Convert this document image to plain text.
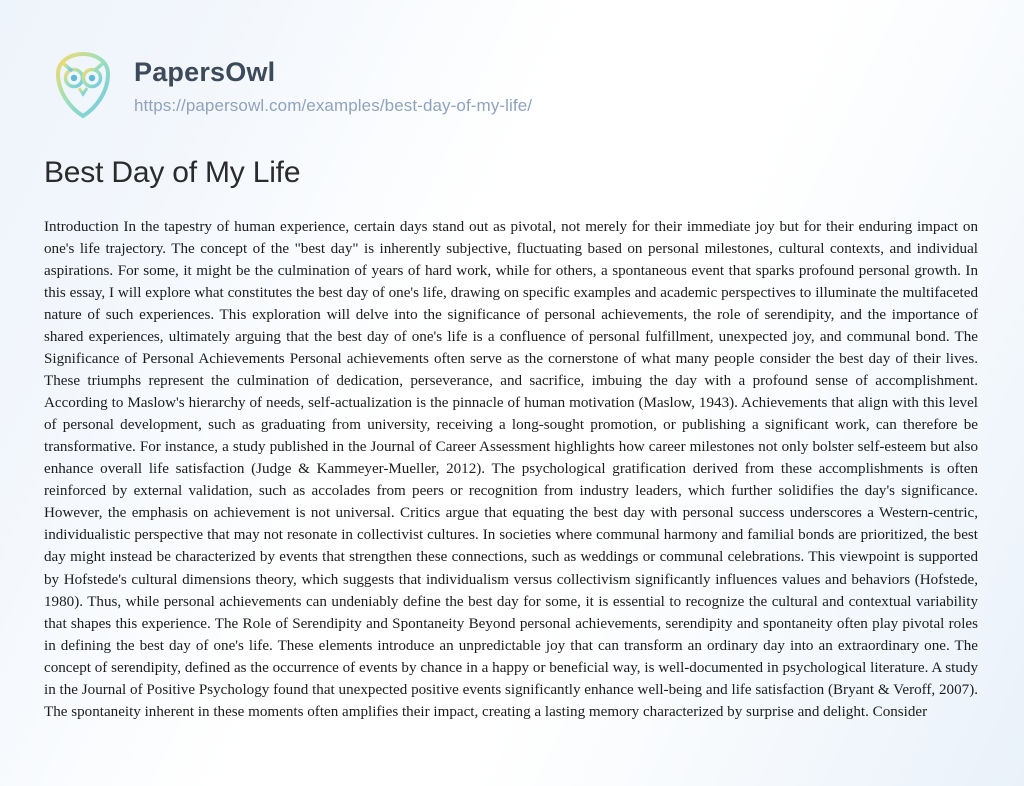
PapersOwl
https://papersowl.com/examples/best-day-of-my-life/
Best Day of My Life

Introduction In the tapestry of human experience, certain days stand out as pivotal, not merely for their immediate joy but for their enduring impact on one's life trajectory. The concept of the "best day" is inherently subjective, fluctuating based on personal milestones, cultural contexts, and individual aspirations. For some, it might be the culmination of years of hard work, while for others, a spontaneous event that sparks profound personal growth. In this essay, I will explore what constitutes the best day of one's life, drawing on specific examples and academic perspectives to illuminate the multifaceted nature of such experiences. This exploration will delve into the significance of personal achievements, the role of serendipity, and the importance of shared experiences, ultimately arguing that the best day of one's life is a confluence of personal fulfillment, unexpected joy, and communal bond. The Significance of Personal Achievements Personal achievements often serve as the cornerstone of what many people consider the best day of their lives. These triumphs represent the culmination of dedication, perseverance, and sacrifice, imbuing the day with a profound sense of accomplishment. According to Maslow's hierarchy of needs, self-actualization is the pinnacle of human motivation (Maslow, 1943). Achievements that align with this level of personal development, such as graduating from university, receiving a long-sought promotion, or publishing a significant work, can therefore be transformative. For instance, a study published in the Journal of Career Assessment highlights how career milestones not only bolster self-esteem but also enhance overall life satisfaction (Judge & Kammeyer-Mueller, 2012). The psychological gratification derived from these accomplishments is often reinforced by external validation, such as accolades from peers or recognition from industry leaders, which further solidifies the day's significance. However, the emphasis on achievement is not universal. Critics argue that equating the best day with personal success underscores a Western-centric, individualistic perspective that may not resonate in collectivist cultures. In societies where communal harmony and familial bonds are prioritized, the best day might instead be characterized by events that strengthen these connections, such as weddings or communal celebrations. This viewpoint is supported by Hofstede's cultural dimensions theory, which suggests that individualism versus collectivism significantly influences values and behaviors (Hofstede, 1980). Thus, while personal achievements can undeniably define the best day for some, it is essential to recognize the cultural and contextual variability that shapes this experience. The Role of Serendipity and Spontaneity Beyond personal achievements, serendipity and spontaneity often play pivotal roles in defining the best day of one's life. These elements introduce an unpredictable joy that can transform an ordinary day into an extraordinary one. The concept of serendipity, defined as the occurrence of events by chance in a happy or beneficial way, is well-documented in psychological literature. A study in the Journal of Positive Psychology found that unexpected positive events significantly enhance well-being and life satisfaction (Bryant & Veroff, 2007). The spontaneity inherent in these moments often amplifies their impact, creating a lasting memory characterized by surprise and delight. Consider
